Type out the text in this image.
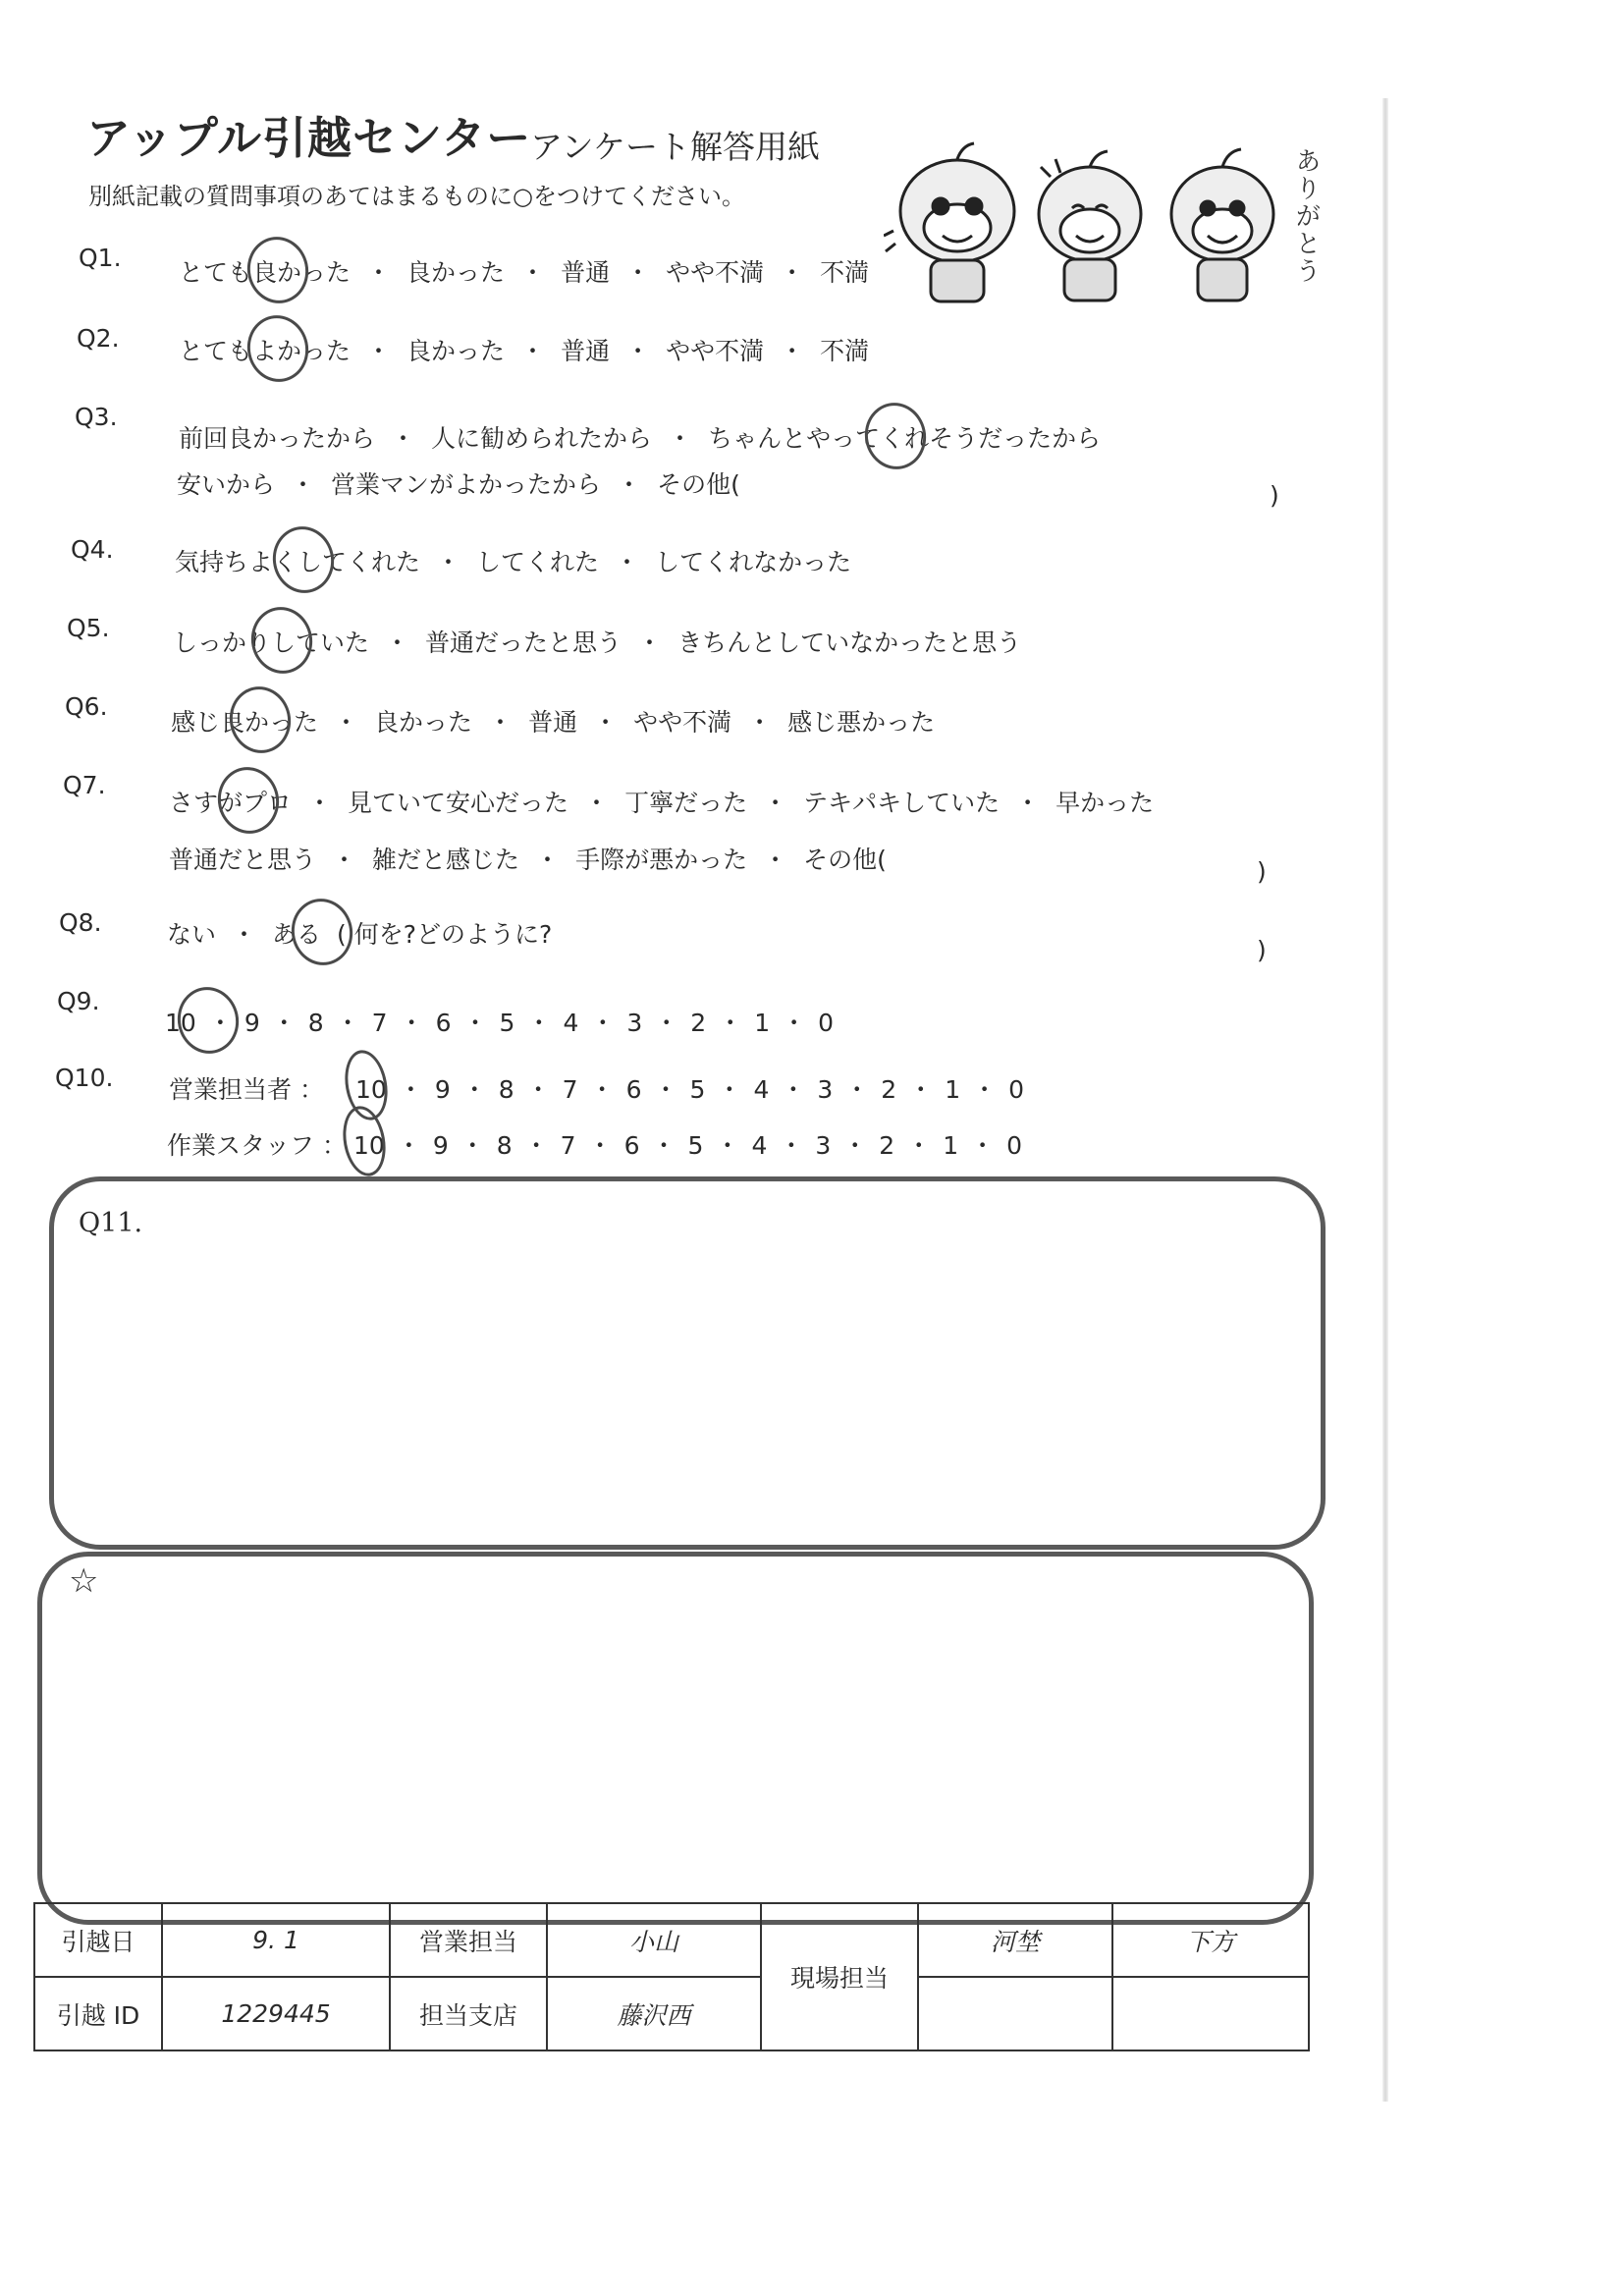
アップル引越センター
アンケート解答用紙
別紙記載の質問事項のあてはまるものに○をつけてください。	ありがとう
Q1.
とても良かった ・ 良かった ・ 普通 ・ やや不満 ・ 不満
Q2. とてもよかった ・ 良かった ・ 普通 ・ やや不満 ・ 不満
Q3.
前回良かったから ・ 人に勧められたから ・ ちゃんとやってくれそうだったから
安いから ・ 営業マンがよかったから ・ その他(	)
Q4. 気持ちよくしてくれた ・ してくれた ・ してくれなかった
Q5.
しっかりしていた ・ 普通だったと思う ・ きちんとしていなかったと思う
Q6.
感じ良かった ・ 良かった ・ 普通 ・ やや不満 ・ 感じ悪かった
Q7.
さすがプロ ・ 見ていて安心だった ・ 丁寧だった ・ テキパキしていた ・ 早かった
普通だと思う ・ 雑だと感じた ・ 手際が悪かった ・ その他(	)
Q8.	ない ・ ある
( 何を?どのように?
)
Q9.
10 ・ 9 ・ 8 ・ 7 ・ 6 ・ 5 ・ 4 ・ 3 ・ 2 ・ 1 ・ 0
Q10. 営業担当者 ： 10 ・ 9 ・ 8 ・ 7 ・ 6 ・ 5 ・ 4 ・ 3 ・ 2 ・ 1 ・ 0
作業スタッフ ： 10 ・ 9 ・ 8 ・ 7 ・ 6 ・ 5 ・ 4 ・ 3 ・ 2 ・ 1 ・ 0
Q11.
☆
引越日	9. 1	営業担当	小山	現場担当	河埜	下方
引越 ID	1229445	担当支店	藤沢西			
